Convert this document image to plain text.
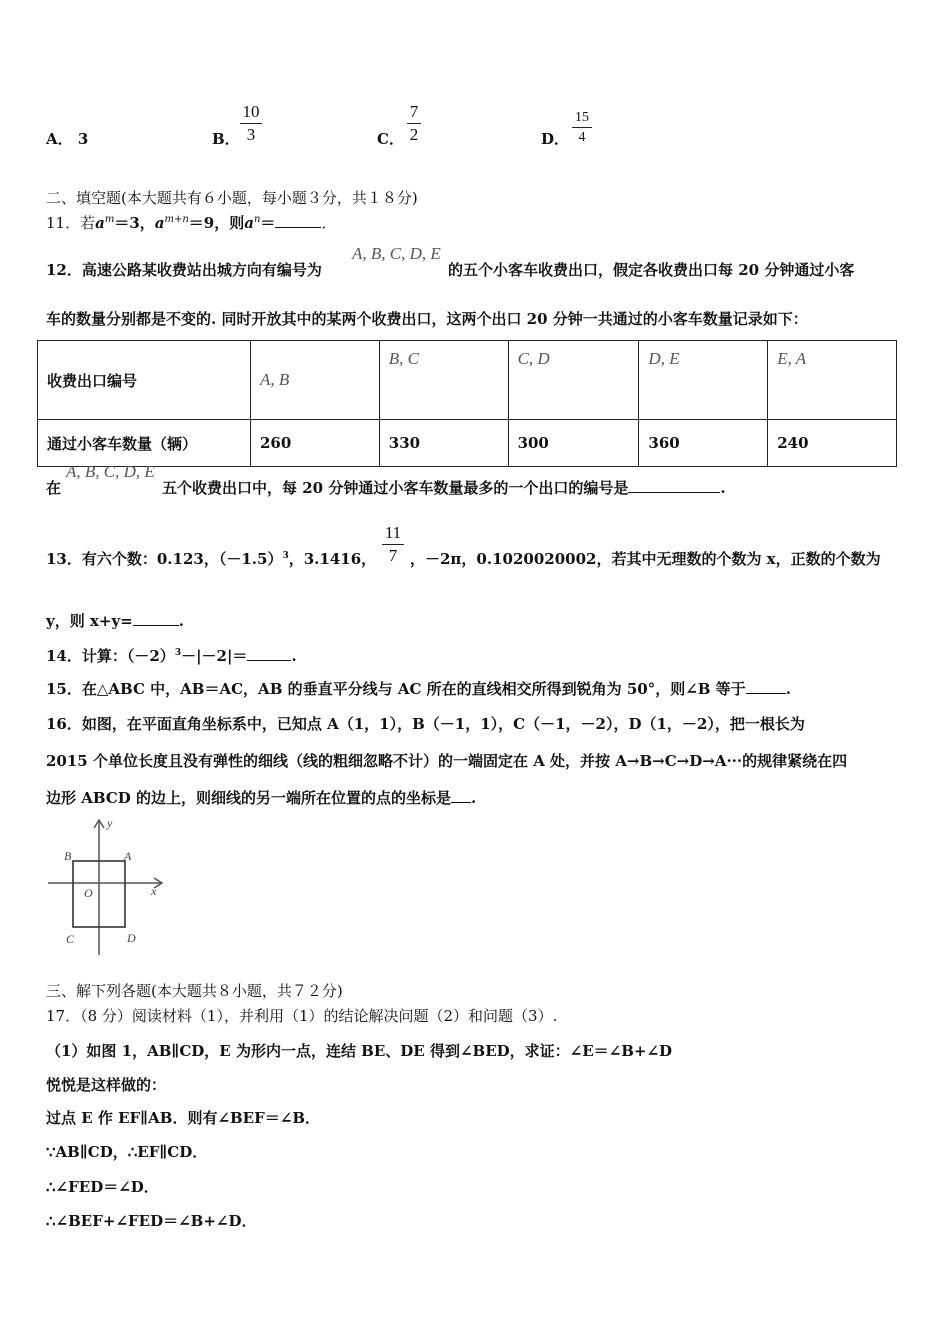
A． 3	B．
10
3	C．
7
2	D．
15
4
二、填空题(本大题共有６小题，每小题３分，共１８分)
11．若$a^m=3$，$a^{m+n}=9$，则$a^n=$	．
12．高速公路某收费站出城方向有编号为
A, B, C, D, E
的五个小客车收费出口，假定各收费出口每 20 分钟通过小客
车的数量分别都是不变的. 同时开放其中的某两个收费出口，这两个出口 20 分钟一共通过的小客车数量记录如下：
收费出口编号	A, B	B, C	C, D	D, E	E, A
通过小客车数量（辆）	260	330	300	360	240
在
A, B, C, D, E
五个收费出口中，每 20 分钟通过小客车数量最多的一个出口的编号是	.
13．有六个数：0.123，$(-1.5)^3$，3.1416，
11
7 ，－2π，0.1020020002，若其中无理数的个数为 x，正数的个数为
y，则 x+y=	.
14．计算：$(-2)^3-|-2|=$	.
15．在△ABC 中，AB＝AC，AB 的垂直平分线与 AC 所在的直线相交所得到锐角为 50°，则∠B 等于	.
16．如图，在平面直角坐标系中，已知点 A（1，1），B（－1，1），C（－1，－2），D（1，－2），把一根长为
2015 个单位长度且没有弹性的细线（线的粗细忽略不计）的一端固定在 A 处，并按 A→B→C→D→A···的规律紧绕在四
边形 ABCD 的边上，则细线的另一端所在位置的点的坐标是 .
y
x
B	A
O
C	D
三、解下列各题(本大题共８小题，共７２分)
17．（8 分）阅读材料（1），并利用（1）的结论解决问题（2）和问题（3）.
（1）如图 1，AB∥CD，E 为形内一点，连结 BE、DE 得到∠BED，求证：∠E＝∠B+∠D
悦悦是这样做的：
过点 E 作 EF∥AB．则有∠BEF＝∠B．
∵AB∥CD，∴EF∥CD．
∴∠FED＝∠D．
∴∠BEF+∠FED＝∠B+∠D．
